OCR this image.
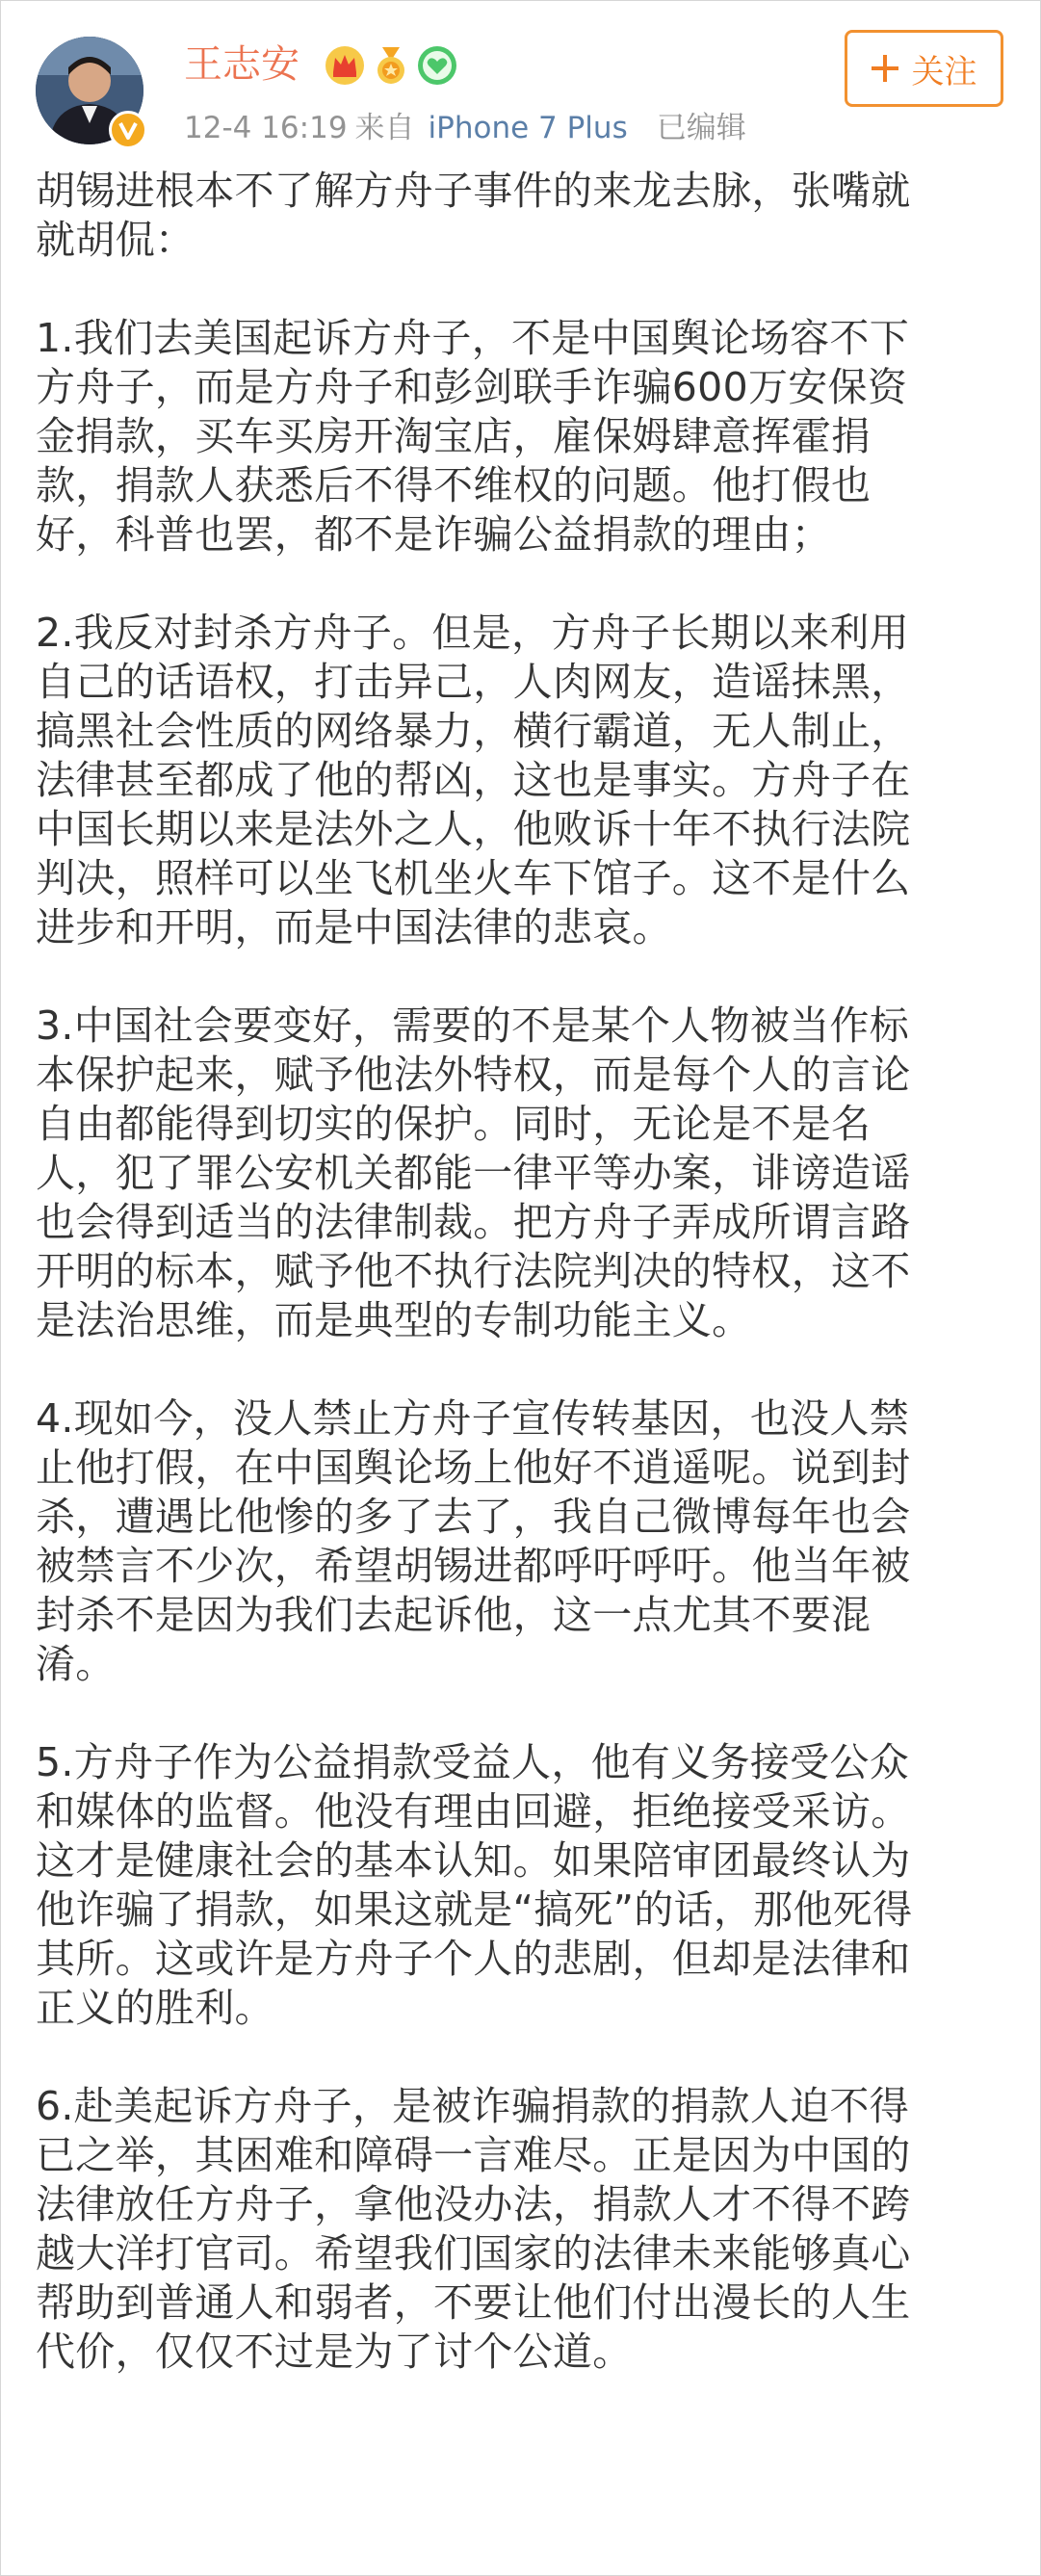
王志安
12-4 16:19 来自 iPhone 7 Plus 已编辑
关注

胡锡进根本不了解方舟子事件的来龙去脉，张嘴就
就胡侃：

1.我们去美国起诉方舟子，不是中国舆论场容不下
方舟子，而是方舟子和彭剑联手诈骗600万安保资
金捐款，买车买房开淘宝店，雇保姆肆意挥霍捐
款，捐款人获悉后不得不维权的问题。他打假也
好，科普也罢，都不是诈骗公益捐款的理由；

2.我反对封杀方舟子。但是，方舟子长期以来利用
自己的话语权，打击异己，人肉网友，造谣抹黑，
搞黑社会性质的网络暴力，横行霸道，无人制止，
法律甚至都成了他的帮凶，这也是事实。方舟子在
中国长期以来是法外之人，他败诉十年不执行法院
判决，照样可以坐飞机坐火车下馆子。这不是什么
进步和开明，而是中国法律的悲哀。

3.中国社会要变好，需要的不是某个人物被当作标
本保护起来，赋予他法外特权，而是每个人的言论
自由都能得到切实的保护。同时，无论是不是名
人，犯了罪公安机关都能一律平等办案，诽谤造谣
也会得到适当的法律制裁。把方舟子弄成所谓言路
开明的标本，赋予他不执行法院判决的特权，这不
是法治思维，而是典型的专制功能主义。

4.现如今，没人禁止方舟子宣传转基因，也没人禁
止他打假，在中国舆论场上他好不逍遥呢。说到封
杀，遭遇比他惨的多了去了，我自己微博每年也会
被禁言不少次，希望胡锡进都呼吁呼吁。他当年被
封杀不是因为我们去起诉他，这一点尤其不要混
淆。

5.方舟子作为公益捐款受益人，他有义务接受公众
和媒体的监督。他没有理由回避，拒绝接受采访。
这才是健康社会的基本认知。如果陪审团最终认为
他诈骗了捐款，如果这就是“搞死”的话，那他死得
其所。这或许是方舟子个人的悲剧，但却是法律和
正义的胜利。

6.赴美起诉方舟子，是被诈骗捐款的捐款人迫不得
已之举，其困难和障碍一言难尽。正是因为中国的
法律放任方舟子，拿他没办法，捐款人才不得不跨
越大洋打官司。希望我们国家的法律未来能够真心
帮助到普通人和弱者，不要让他们付出漫长的人生
代价，仅仅不过是为了讨个公道。
